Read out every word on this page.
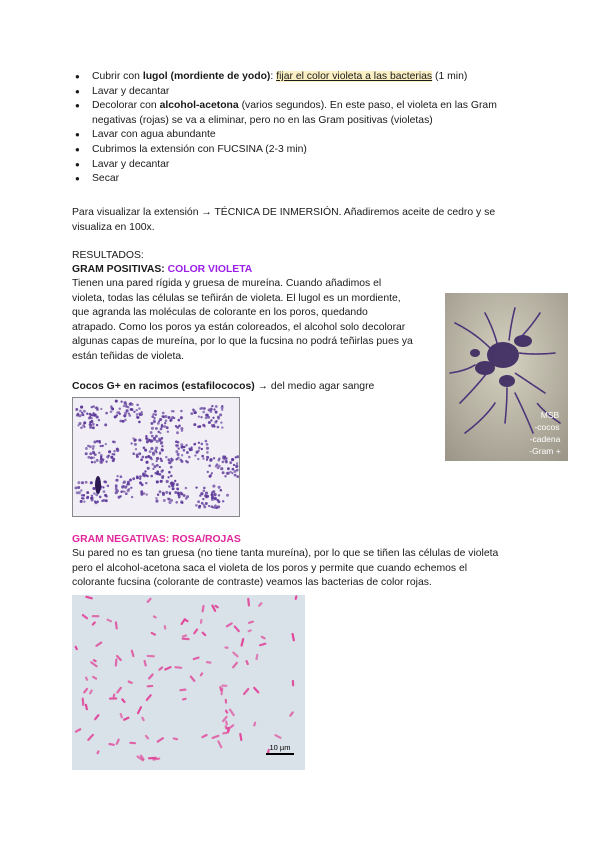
● Cubrir con lugol (mordiente de yodo): fijar el color violeta a las bacterias (1 min)
● Lavar y decantar
● Decolorar con alcohol-acetona (varios segundos). En este paso, el violeta en las Gram negativas (rojas) se va a eliminar, pero no en las Gram positivas (violetas)
● Lavar con agua abundante
● Cubrimos la extensión con FUCSINA (2-3 min)
● Lavar y decantar
● Secar
Para visualizar la extensión → TÉCNICA DE INMERSIÓN. Añadiremos aceite de cedro y se
visualiza en 100x.
RESULTADOS:
GRAM POSITIVAS: COLOR VIOLETA
Tienen una pared rígida y gruesa de mureína. Cuando añadimos el
violeta, todas las células se teñirán de violeta. El lugol es un mordiente,
que agranda las moléculas de colorante en los poros, quedando
atrapado. Como los poros ya están coloreados, el alcohol solo decolorar
algunas capas de mureína, por lo que la fucsina no podrá teñirlas pues ya
están teñidas de violeta.
MSB
-cocos
-cadena
-Gram +
Cocos G+ en racimos (estafilococos) → del medio agar sangre
GRAM NEGATIVAS: ROSA/ROJAS
Su pared no es tan gruesa (no tiene tanta mureína), por lo que se tiñen las células de violeta
pero el alcohol-acetona saca el violeta de los poros y permite que cuando echemos el
colorante fucsina (colorante de contraste) veamos las bacterias de color rojas.
10 µm
